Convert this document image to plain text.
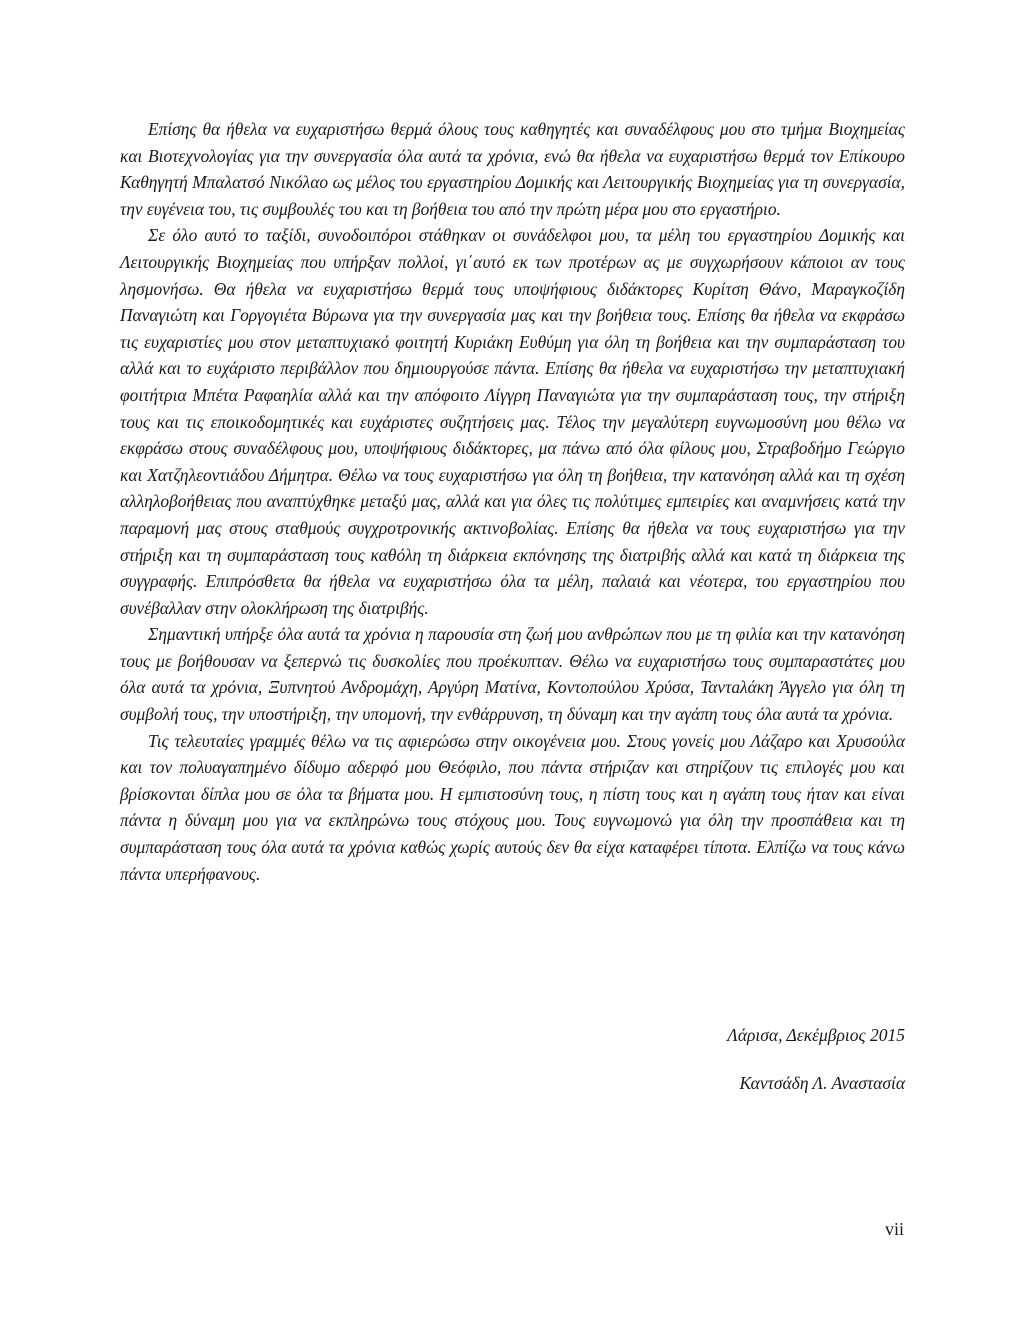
Επίσης θα ήθελα να ευχαριστήσω θερμά όλους τους καθηγητές και συναδέλφους μου στο τμήμα Βιοχημείας και Βιοτεχνολογίας για την συνεργασία όλα αυτά τα χρόνια, ενώ θα ήθελα να ευχαριστήσω θερμά τον Επίκουρο Καθηγητή Μπαλατσό Νικόλαο ως μέλος του εργαστηρίου Δομικής και Λειτουργικής Βιοχημείας για τη συνεργασία, την ευγένεια του, τις συμβουλές του και τη βοήθεια του από την πρώτη μέρα μου στο εργαστήριο.

Σε όλο αυτό το ταξίδι, συνοδοιπόροι στάθηκαν οι συνάδελφοι μου, τα μέλη του εργαστηρίου Δομικής και Λειτουργικής Βιοχημείας που υπήρξαν πολλοί, γι΄αυτό εκ των προτέρων ας με συγχωρήσουν κάποιοι αν τους λησμονήσω. Θα ήθελα να ευχαριστήσω θερμά τους υποψήφιους διδάκτορες Κυρίτση Θάνο, Μαραγκοζίδη Παναγιώτη και Γοργογιέτα Βύρωνα για την συνεργασία μας και την βοήθεια τους. Επίσης θα ήθελα να εκφράσω τις ευχαριστίες μου στον μεταπτυχιακό φοιτητή Κυριάκη Ευθύμη για όλη τη βοήθεια και την συμπαράσταση του αλλά και το ευχάριστο περιβάλλον που δημιουργούσε πάντα. Επίσης θα ήθελα να ευχαριστήσω την μεταπτυχιακή φοιτήτρια Μπέτα Ραφαηλία αλλά και την απόφοιτο Λίγγρη Παναγιώτα για την συμπαράσταση τους, την στήριξη τους και τις εποικοδομητικές και ευχάριστες συζητήσεις μας. Τέλος την μεγαλύτερη ευγνωμοσύνη μου θέλω να εκφράσω στους συναδέλφους μου, υποψήφιους διδάκτορες, μα πάνω από όλα φίλους μου, Στραβοδήμο Γεώργιο και Χατζηλεοντιάδου Δήμητρα. Θέλω να τους ευχαριστήσω για όλη τη βοήθεια, την κατανόηση αλλά και τη σχέση αλληλοβοήθειας που αναπτύχθηκε μεταξύ μας, αλλά και για όλες τις πολύτιμες εμπειρίες και αναμνήσεις κατά την παραμονή μας στους σταθμούς συγχροτρονικής ακτινοβολίας. Επίσης θα ήθελα να τους ευχαριστήσω για την στήριξη και τη συμπαράσταση τους καθόλη τη διάρκεια εκπόνησης της διατριβής αλλά και κατά τη διάρκεια της συγγραφής. Επιπρόσθετα θα ήθελα να ευχαριστήσω όλα τα μέλη, παλαιά και νέοτερα, του εργαστηρίου που συνέβαλλαν στην ολοκλήρωση της διατριβής.

Σημαντική υπήρξε όλα αυτά τα χρόνια η παρουσία στη ζωή μου ανθρώπων που με τη φιλία και την κατανόηση τους με βοήθουσαν να ξεπερνώ τις δυσκολίες που προέκυπταν. Θέλω να ευχαριστήσω τους συμπαραστάτες μου όλα αυτά τα χρόνια, Ξυπνητού Ανδρομάχη, Αργύρη Ματίνα, Κοντοπούλου Χρύσα, Ταντaλάκη Άγγελο για όλη τη συμβολή τους, την υποστήριξη, την υπομονή, την ενθάρρυνση, τη δύναμη και την αγάπη τους όλα αυτά τα χρόνια.

Τις τελευταίες γραμμές θέλω να τις αφιερώσω στην οικογένεια μου. Στους γονείς μου Λάζαρο και Χρυσούλα και τον πολυαγαπημένο δίδυμο αδερφό μου Θεόφιλο, που πάντα στήριζαν και στηρίζουν τις επιλογές μου και βρίσκονται δίπλα μου σε όλα τα βήματα μου. Η εμπιστοσύνη τους, η πίστη τους και η αγάπη τους ήταν και είναι πάντα η δύναμη μου για να εκπληρώνω τους στόχους μου. Τους ευγνωμονώ για όλη την προσπάθεια και τη συμπαράσταση τους όλα αυτά τα χρόνια καθώς χωρίς αυτούς δεν θα είχα καταφέρει τίποτα. Ελπίζω να τους κάνω πάντα υπερήφανους.

Λάρισα, Δεκέμβριος 2015
Καντσάδη Λ. Αναστασία
vii
